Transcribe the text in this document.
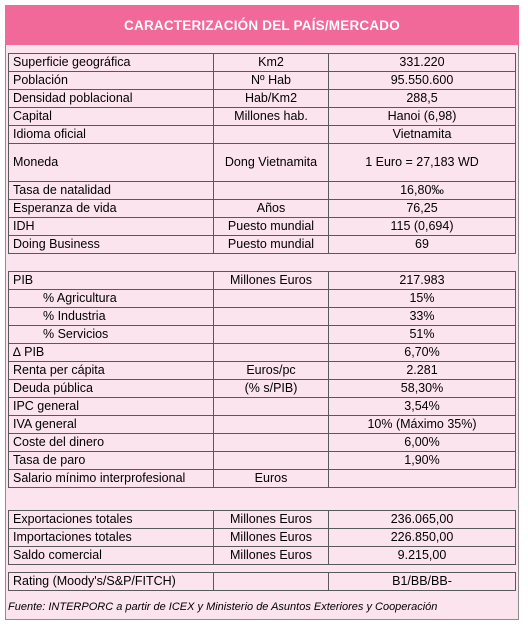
CARACTERIZACIÓN DEL PAÍS/MERCADO
Superficie geográfica	Km2	331.220
Población	Nº Hab	95.550.600
Densidad poblacional	Hab/Km2	288,5
Capital	Millones hab.	Hanoi (6,98)
Idioma oficial		Vietnamita
Moneda	Dong Vietnamita	1 Euro = 27,183 WD
Tasa de natalidad		16,80‰
Esperanza de vida	Años	76,25
IDH	Puesto mundial	115 (0,694)
Doing Business	Puesto mundial	69
PIB	Millones Euros	217.983
% Agricultura		15%
% Industria		33%
% Servicios		51%
∆ PIB		6,70%
Renta per cápita	Euros/pc	2.281
Deuda pública	(% s/PIB)	58,30%
IPC general		3,54%
IVA general		10% (Máximo 35%)
Coste del dinero		6,00%
Tasa de paro		1,90%
Salario mínimo interprofesional	Euros	
Exportaciones totales	Millones Euros	236.065,00
Importaciones totales	Millones Euros	226.850,00
Saldo comercial	Millones Euros	9.215,00
Rating (Moody's/S&P/FITCH)		B1/BB/BB-
Fuente: INTERPORC a partir de ICEX y Ministerio de Asuntos Exteriores y Cooperación
